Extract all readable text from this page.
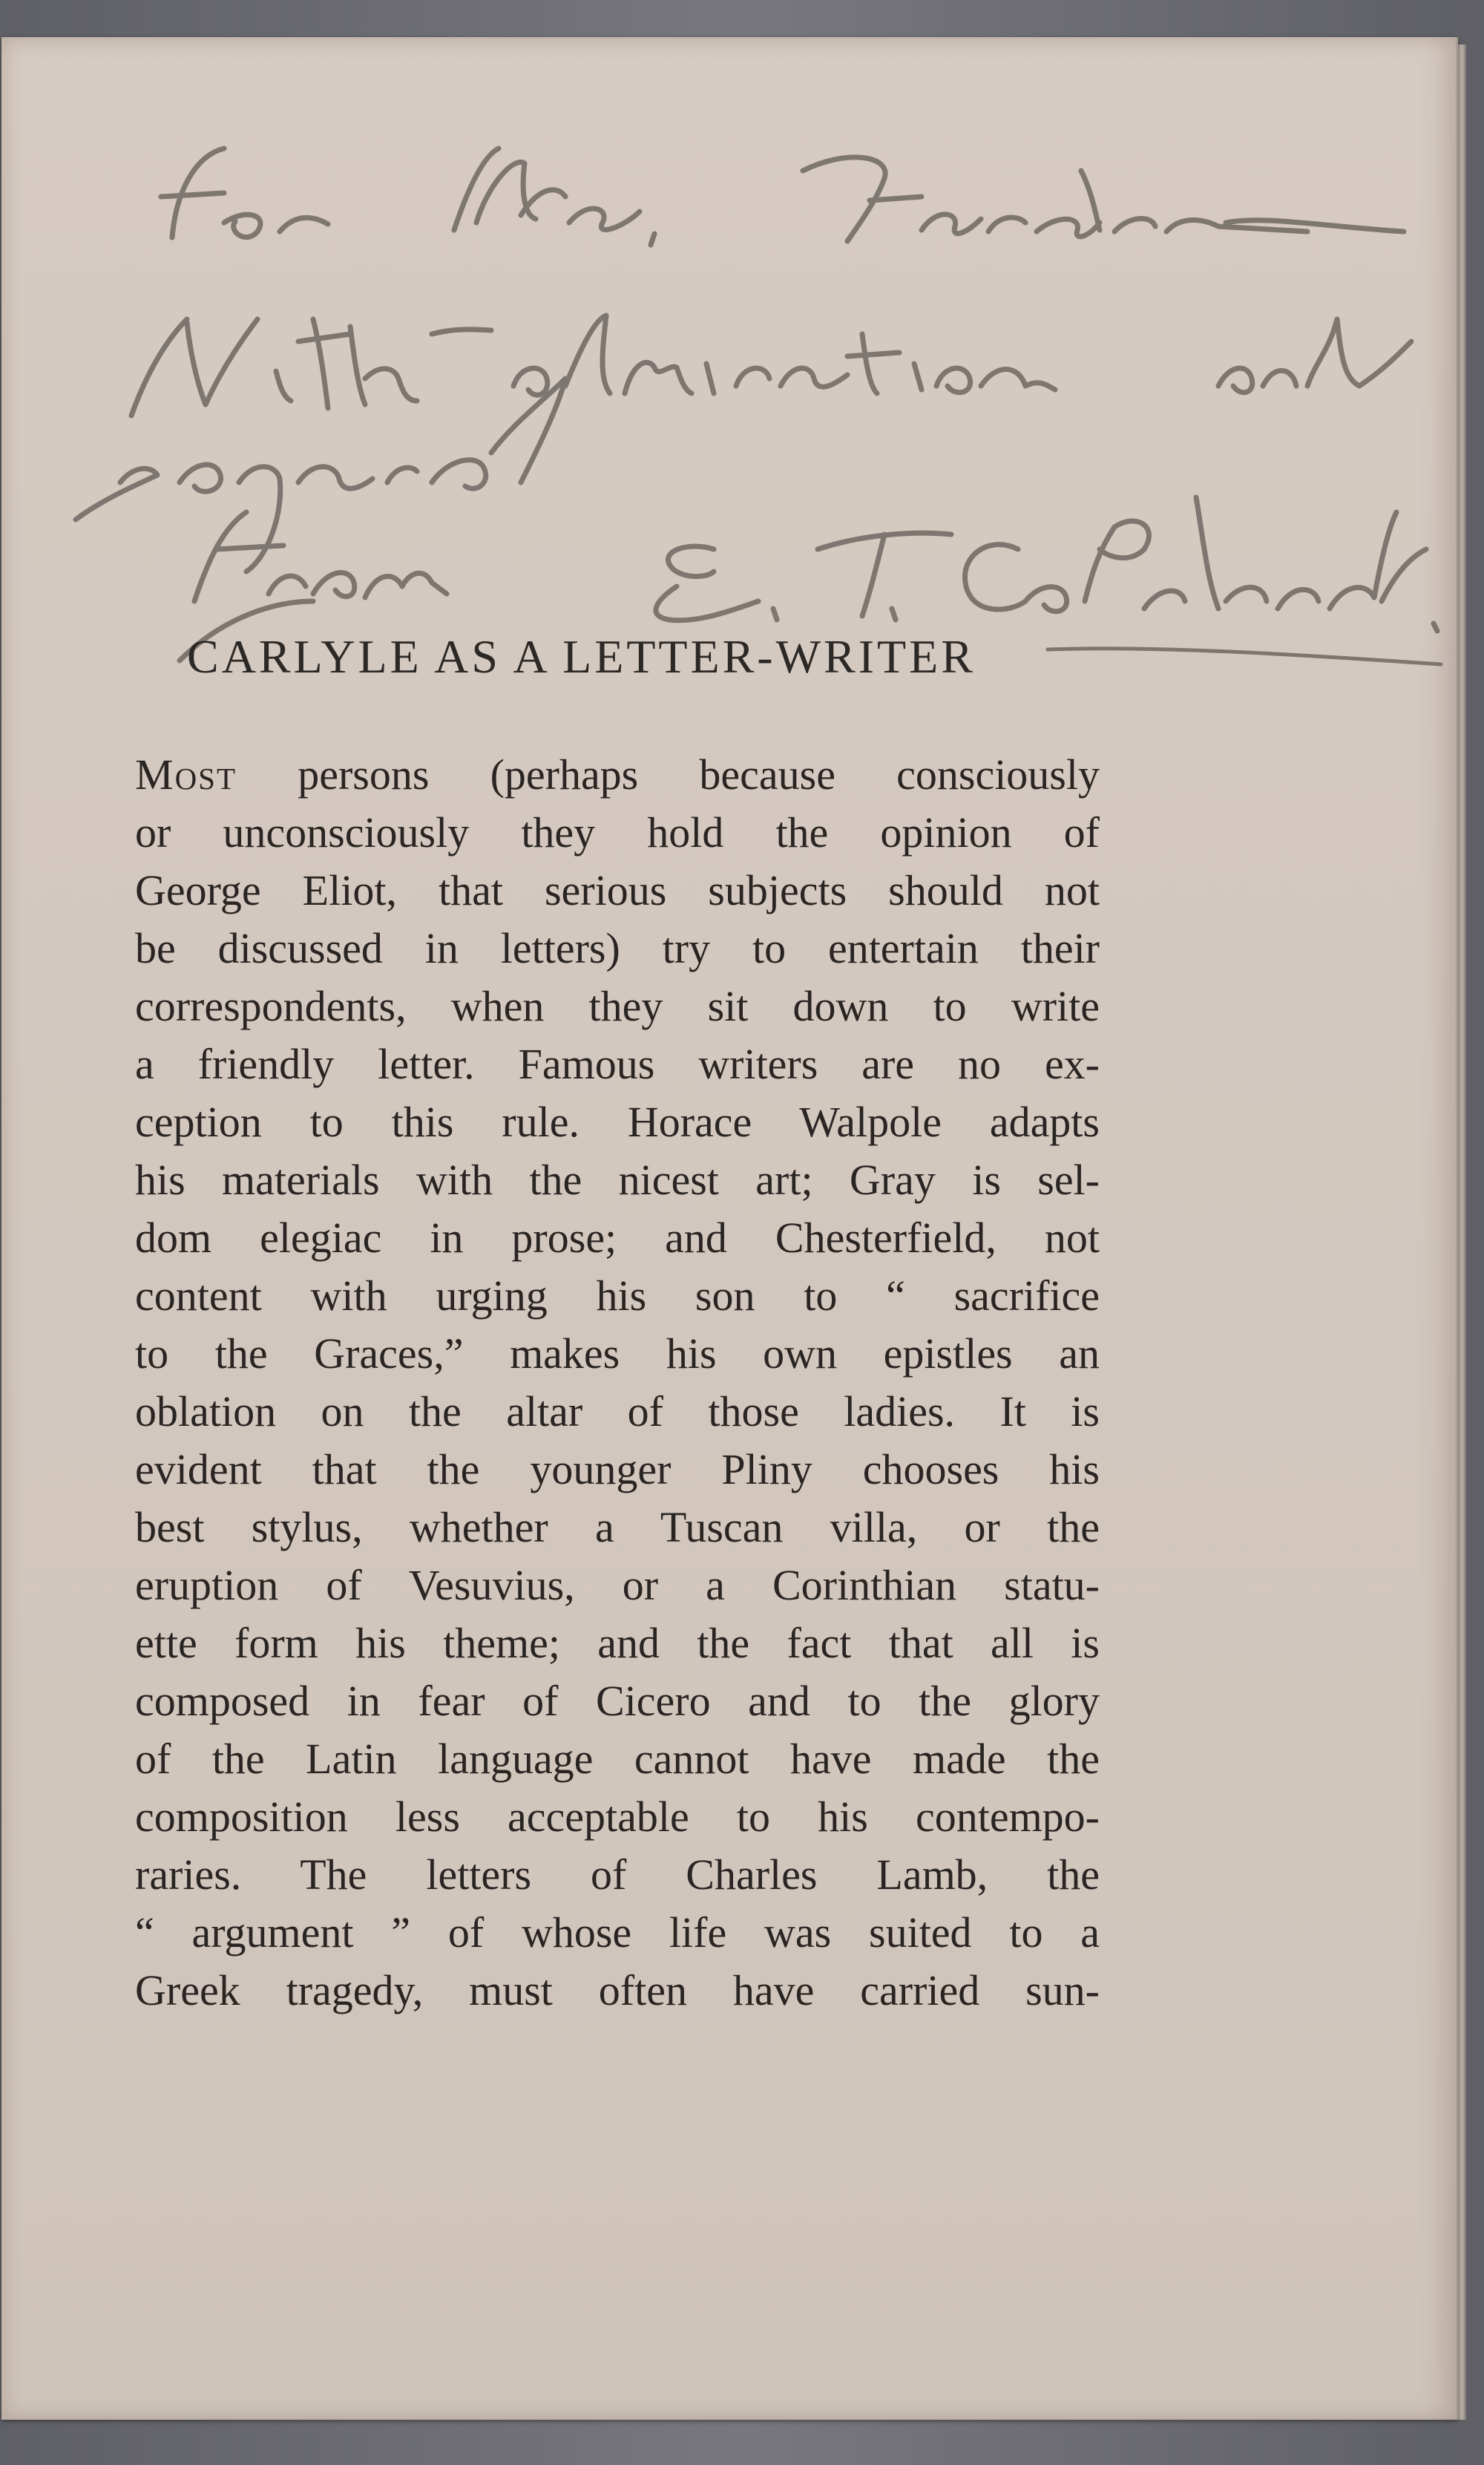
CARLYLE AS A LETTER-WRITER
Most persons (perhaps because consciously
or unconsciously they hold the opinion of
George Eliot, that serious subjects should not
be discussed in letters) try to entertain their
correspondents, when they sit down to write
a friendly letter. Famous writers are no ex-
ception to this rule. Horace Walpole adapts
his materials with the nicest art; Gray is sel-
dom elegiac in prose; and Chesterfield, not
content with urging his son to “ sacrifice
to the Graces,” makes his own epistles an
oblation on the altar of those ladies. It is
evident that the younger Pliny chooses his
best stylus, whether a Tuscan villa, or the
eruption of Vesuvius, or a Corinthian statu-
ette form his theme; and the fact that all is
composed in fear of Cicero and to the glory
of the Latin language cannot have made the
composition less acceptable to his contempo-
raries. The letters of Charles Lamb, the
“ argument ” of whose life was suited to a
Greek tragedy, must often have carried sun-
